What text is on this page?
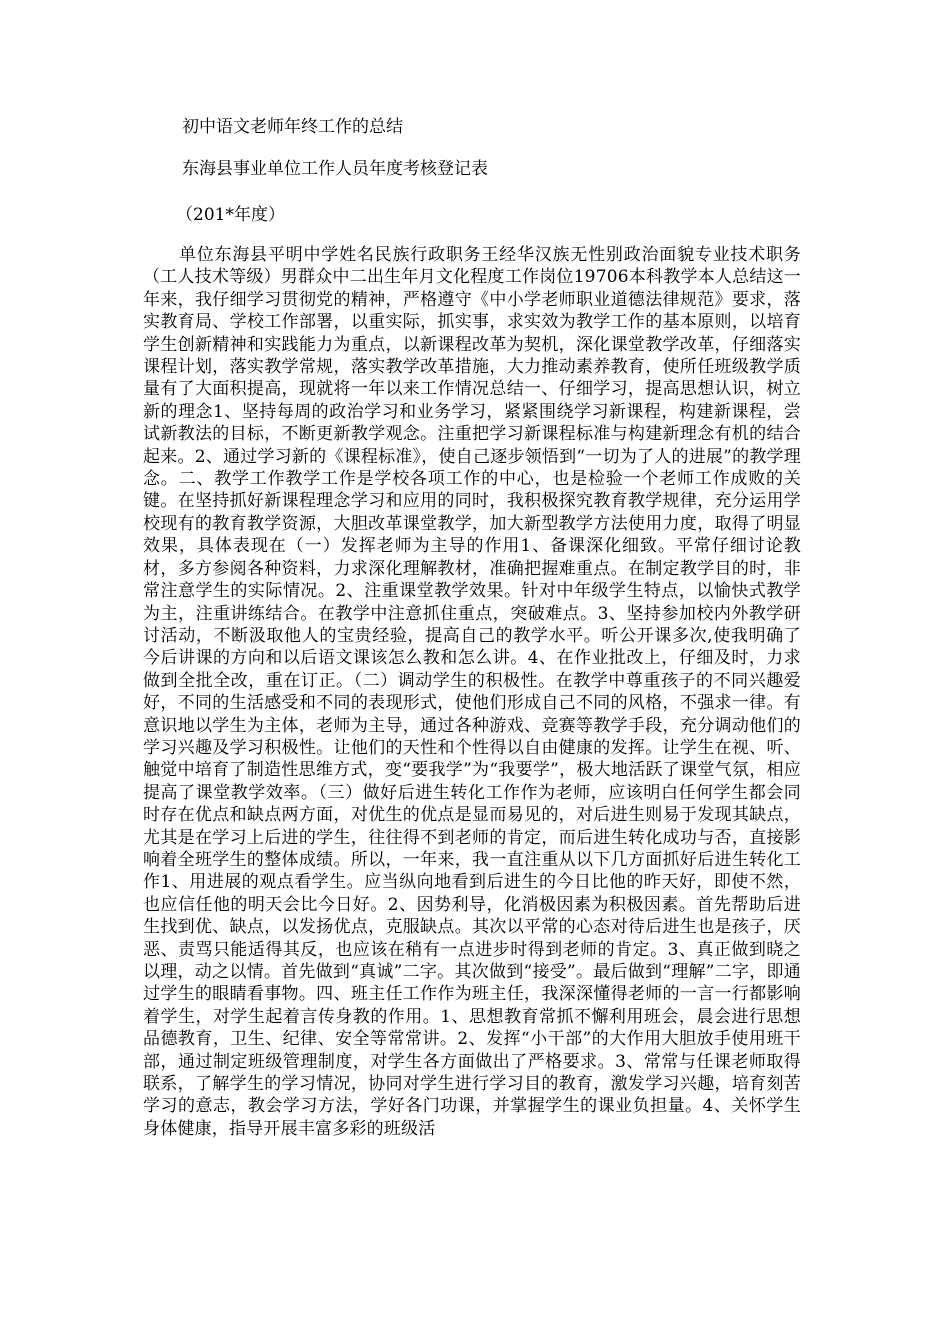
初中语文老师年终工作的总结
东海县事业单位工作人员年度考核登记表
（201*年度）

单位东海县平明中学姓名民族行政职务王经华汉族无性别政治面貌专业技术职务（工人技术等级）男群众中二出生年月文化程度工作岗位19706本科教学本人总结这一年来，我仔细学习贯彻党的精神，严格遵守《中小学老师职业道德法律规范》要求，落实教育局、学校工作部署，以重实际，抓实事，求实效为教学工作的基本原则，以培育学生创新精神和实践能力为重点，以新课程改革为契机，深化课堂教学改革，仔细落实课程计划，落实教学常规，落实教学改革措施，大力推动素养教育，使所任班级教学质量有了大面积提高，现就将一年以来工作情况总结一、仔细学习，提高思想认识，树立新的理念1、坚持每周的政治学习和业务学习，紧紧围绕学习新课程，构建新课程，尝试新教法的目标，不断更新教学观念。注重把学习新课程标准与构建新理念有机的结合起来。2、通过学习新的《课程标准》，使自己逐步领悟到“一切为了人的进展”的教学理念。二、教学工作教学工作是学校各项工作的中心，也是检验一个老师工作成败的关键。在坚持抓好新课程理念学习和应用的同时，我积极探究教育教学规律，充分运用学校现有的教育教学资源，大胆改革课堂教学，加大新型教学方法使用力度，取得了明显效果，具体表现在（一）发挥老师为主导的作用1、备课深化细致。平常仔细讨论教材，多方参阅各种资料，力求深化理解教材，准确把握难重点。在制定教学目的时，非常注意学生的实际情况。2、注重课堂教学效果。针对中年级学生特点，以愉快式教学为主，注重讲练结合。在教学中注意抓住重点，突破难点。3、坚持参加校内外教学研讨活动，不断汲取他人的宝贵经验，提高自己的教学水平。听公开课多次,使我明确了今后讲课的方向和以后语文课该怎么教和怎么讲。4、在作业批改上，仔细及时，力求做到全批全改，重在订正。（二）调动学生的积极性。在教学中尊重孩子的不同兴趣爱好，不同的生活感受和不同的表现形式，使他们形成自己不同的风格，不强求一律。有意识地以学生为主体，老师为主导，通过各种游戏、竞赛等教学手段，充分调动他们的学习兴趣及学习积极性。让他们的天性和个性得以自由健康的发挥。让学生在视、听、触觉中培育了制造性思维方式，变“要我学”为“我要学”，极大地活跃了课堂气氛，相应提高了课堂教学效率。（三）做好后进生转化工作作为老师，应该明白任何学生都会同时存在优点和缺点两方面，对优生的优点是显而易见的，对后进生则易于发现其缺点，尤其是在学习上后进的学生，往往得不到老师的肯定，而后进生转化成功与否，直接影响着全班学生的整体成绩。所以，一年来，我一直注重从以下几方面抓好后进生转化工作1、用进展的观点看学生。应当纵向地看到后进生的今日比他的昨天好，即使不然，也应信任他的明天会比今日好。2、因势利导，化消极因素为积极因素。首先帮助后进生找到优、缺点，以发扬优点，克服缺点。其次以平常的心态对待后进生也是孩子，厌恶、责骂只能适得其反，也应该在稍有一点进步时得到老师的肯定。3、真正做到晓之以理，动之以情。首先做到“真诚”二字。其次做到“接受”。最后做到“理解”二字，即通过学生的眼睛看事物。四、班主任工作作为班主任，我深深懂得老师的一言一行都影响着学生，对学生起着言传身教的作用。1、思想教育常抓不懈利用班会，晨会进行思想品德教育，卫生、纪律、安全等常常讲。2、发挥“小干部”的大作用大胆放手使用班干部，通过制定班级管理制度，对学生各方面做出了严格要求。3、常常与任课老师取得联系，了解学生的学习情况，协同对学生进行学习目的教育，激发学习兴趣，培育刻苦学习的意志，教会学习方法，学好各门功课，并掌握学生的课业负担量。4、关怀学生身体健康，指导开展丰富多彩的班级活
